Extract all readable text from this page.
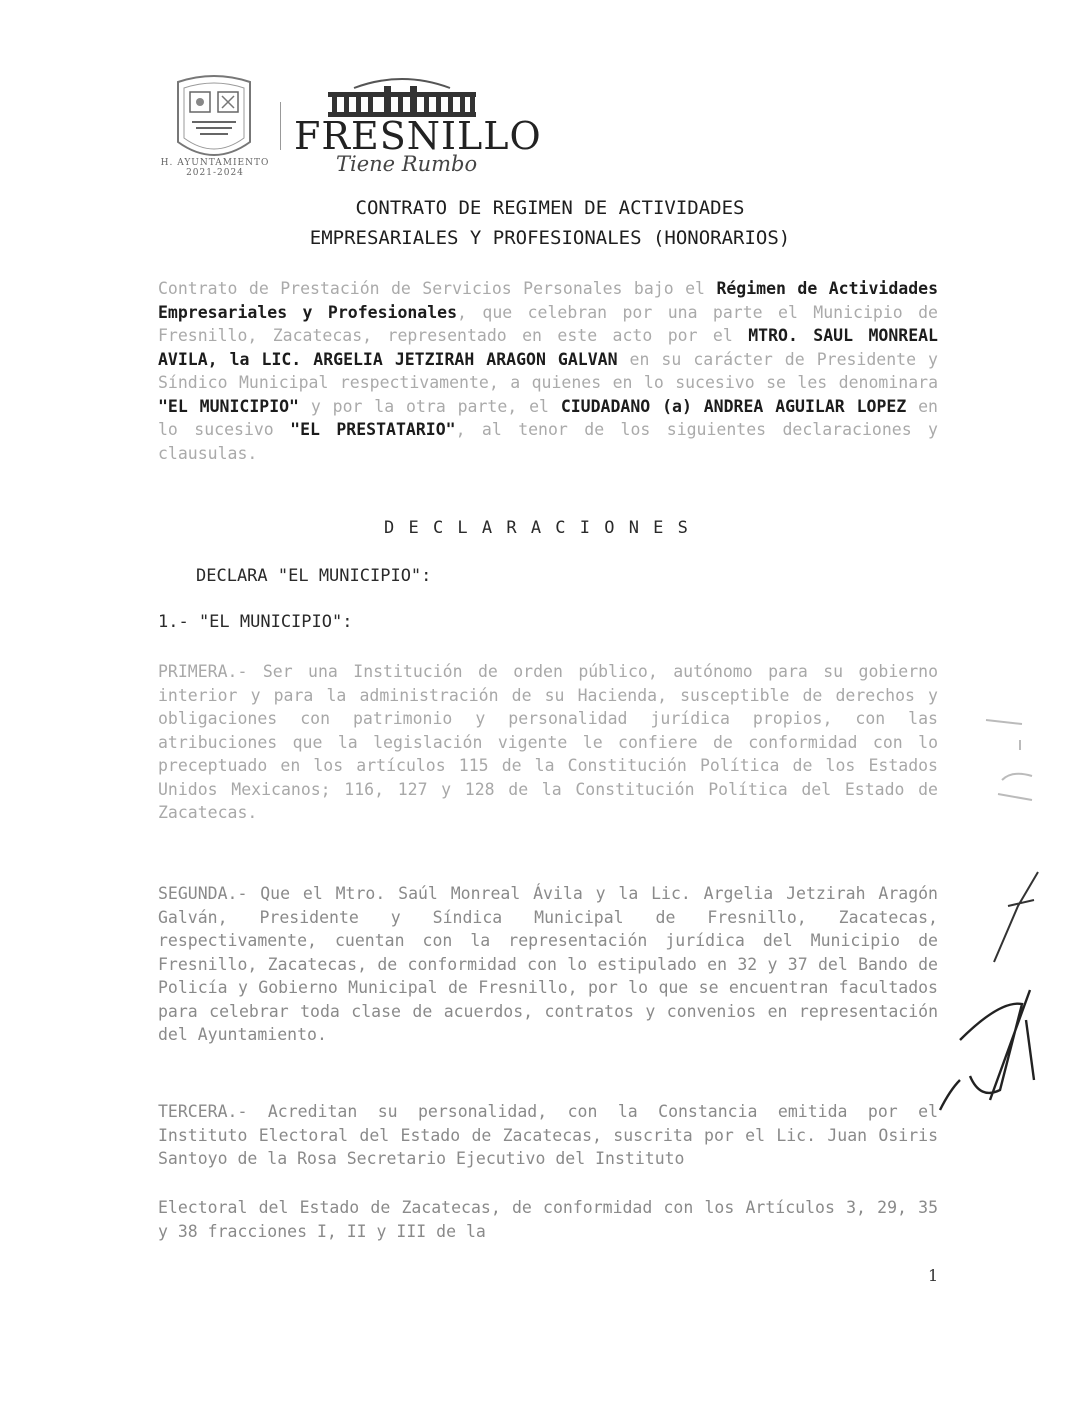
H. AYUNTAMIENTO
2021-2024
FRESNILLO
Tiene Rumbo
CONTRATO DE REGIMEN DE ACTIVIDADES
EMPRESARIALES Y PROFESIONALES (HONORARIOS)

Contrato de Prestación de Servicios Personales bajo el Régimen de Actividades Empresariales y Profesionales, que celebran por una parte el Municipio de Fresnillo, Zacatecas, representado en este acto por el MTRO. SAUL MONREAL AVILA, la LIC. ARGELIA JETZIRAH ARAGON GALVAN en su carácter de Presidente y Síndico Municipal respectivamente, a quienes en lo sucesivo se les denominara "EL MUNICIPIO" y por la otra parte, el CIUDADANO (a) ANDREA AGUILAR LOPEZ en lo sucesivo "EL PRESTATARIO", al tenor de los siguientes declaraciones y clausulas.

D E C L A R A C I O N E S
DECLARA "EL MUNICIPIO":
1.- "EL MUNICIPIO":

PRIMERA.- Ser una Institución de orden público, autónomo para su gobierno interior y para la administración de su Hacienda, susceptible de derechos y obligaciones con patrimonio y personalidad jurídica propios, con las atribuciones que la legislación vigente le confiere de conformidad con lo preceptuado en los artículos 115 de la Constitución Política de los Estados Unidos Mexicanos; 116, 127 y 128 de la Constitución Política del Estado de Zacatecas.

SEGUNDA.- Que el Mtro. Saúl Monreal Ávila y la Lic. Argelia Jetzirah Aragón Galván, Presidente y Síndica Municipal de Fresnillo, Zacatecas, respectivamente, cuentan con la representación jurídica del Municipio de Fresnillo, Zacatecas, de conformidad con lo estipulado en 32 y 37 del Bando de Policía y Gobierno Municipal de Fresnillo, por lo que se encuentran facultados para celebrar toda clase de acuerdos, contratos y convenios en representación del Ayuntamiento.

TERCERA.- Acreditan su personalidad, con la Constancia emitida por el Instituto Electoral del Estado de Zacatecas, suscrita por el Lic. Juan Osiris Santoyo de la Rosa Secretario Ejecutivo del Instituto

Electoral del Estado de Zacatecas, de conformidad con los Artículos 3, 29, 35 y 38 fracciones I, II y III de la

1
